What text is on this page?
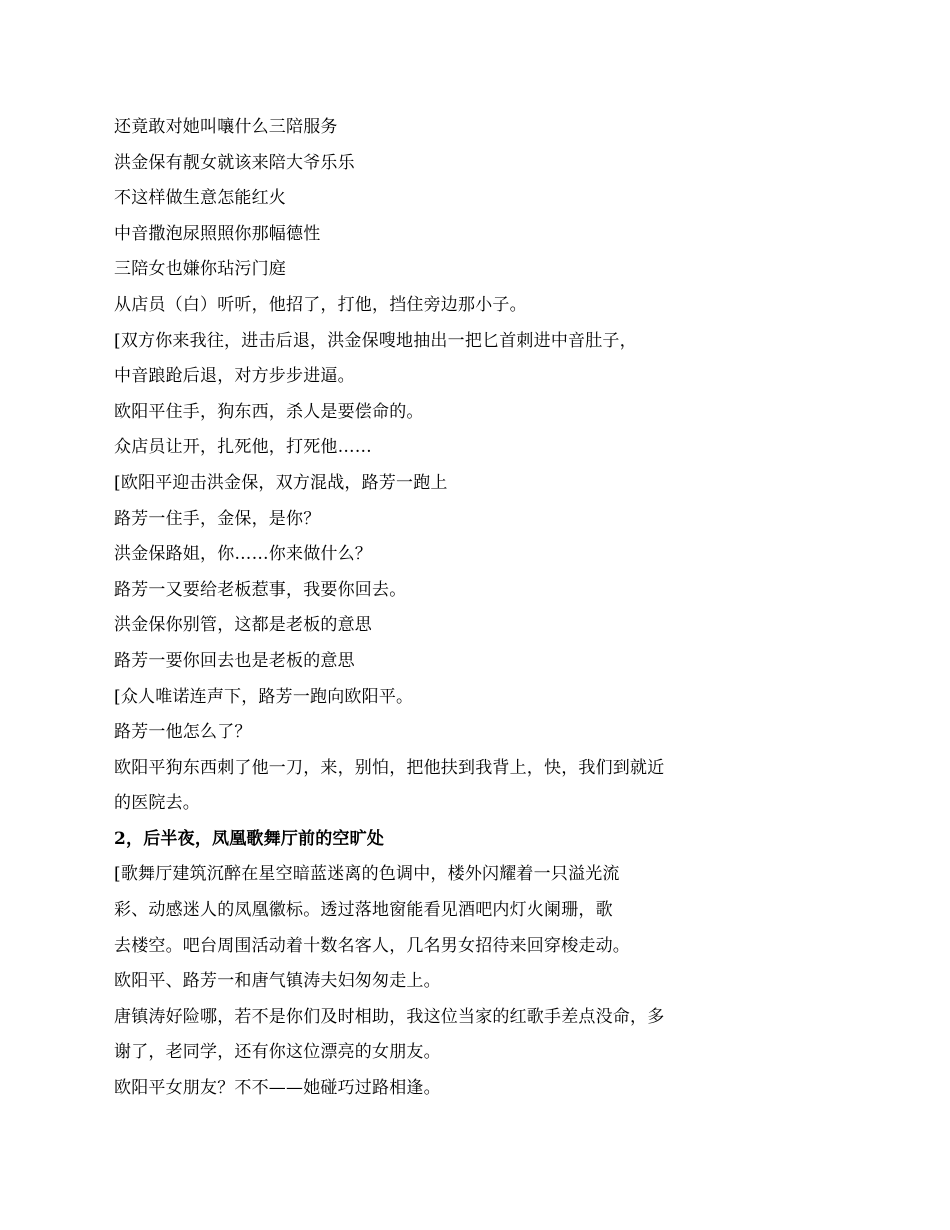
还竟敢对她叫嚷什么三陪服务
洪金保有靓女就该来陪大爷乐乐
不这样做生意怎能红火
中音撒泡尿照照你那幅德性
三陪女也嫌你玷污门庭
从店员（白）听听，他招了，打他，挡住旁边那小子。
[双方你来我往，进击后退，洪金保嗖地抽出一把匕首刺进中音肚子，
中音踉跄后退，对方步步进逼。
欧阳平住手，狗东西，杀人是要偿命的。
众店员让开，扎死他，打死他……
[欧阳平迎击洪金保，双方混战，路芳一跑上
路芳一住手，金保，是你？
洪金保路姐，你……你来做什么？
路芳一又要给老板惹事，我要你回去。
洪金保你别管，这都是老板的意思
路芳一要你回去也是老板的意思
[众人唯诺连声下，路芳一跑向欧阳平。
路芳一他怎么了？
欧阳平狗东西刺了他一刀，来，别怕，把他扶到我背上，快，我们到就近
的医院去。
2，后半夜，凤凰歌舞厅前的空旷处
[歌舞厅建筑沉醉在星空暗蓝迷离的色调中，楼外闪耀着一只溢光流
彩、动感迷人的凤凰徽标。透过落地窗能看见酒吧内灯火阑珊，歌
去楼空。吧台周围活动着十数名客人，几名男女招待来回穿梭走动。
欧阳平、路芳一和唐气镇涛夫妇匆匆走上。
唐镇涛好险哪，若不是你们及时相助，我这位当家的红歌手差点没命，多
谢了，老同学，还有你这位漂亮的女朋友。
欧阳平女朋友？不不——她碰巧过路相逢。
